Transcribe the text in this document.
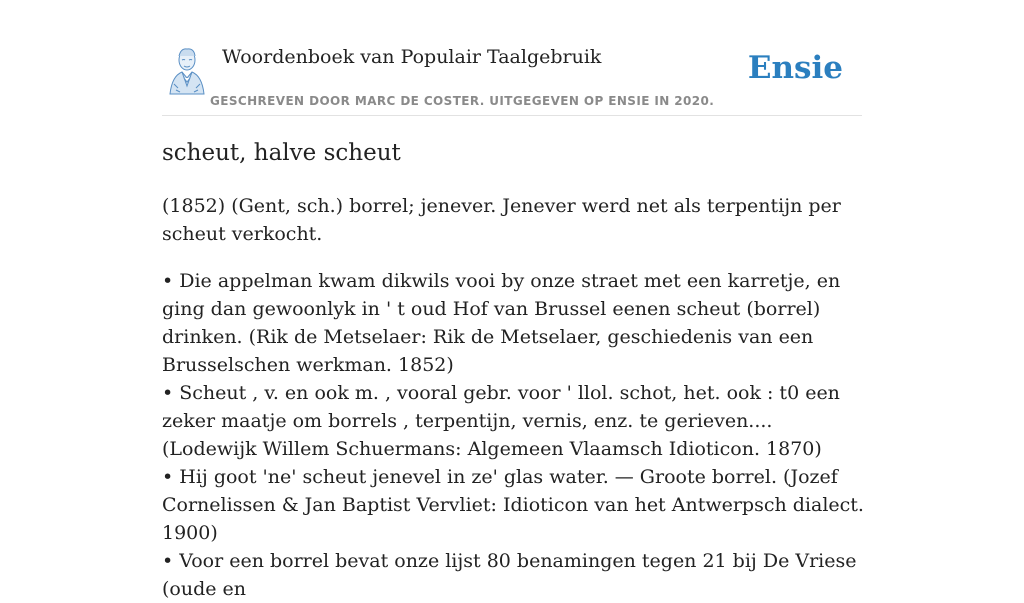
Woordenboek van Populair Taalgebruik
GESCHREVEN DOOR MARC DE COSTER. UITGEGEVEN OP ENSIE IN 2020.
Ensie
scheut, halve scheut

(1852) (Gent, sch.) borrel; jenever. Jenever werd net als terpentijn per scheut verkocht.

• Die appelman kwam dikwils vooi by onze straet met een karretje, en ging dan gewoonlyk in ' t oud Hof van Brussel eenen scheut (borrel) drinken. (Rik de Metselaer: Rik de Metselaer, geschiedenis van een Brusselschen werkman. 1852)
• Scheut , v. en ook m. , vooral gebr. voor ' llol. schot, het. ook : t0 een zeker maatje om borrels , terpentijn, vernis, enz. te gerieven.... (Lodewijk Willem Schuermans: Algemeen Vlaamsch Idioticon. 1870)
• Hij goot 'ne' scheut jenevel in ze' glas water. — Groote borrel. (Jozef Cornelissen & Jan Baptist Vervliet: Idioticon van het Antwerpsch dialect. 1900)
• Voor een borrel bevat onze lijst 80 benamingen tegen 21 bij De Vriese (oude en
